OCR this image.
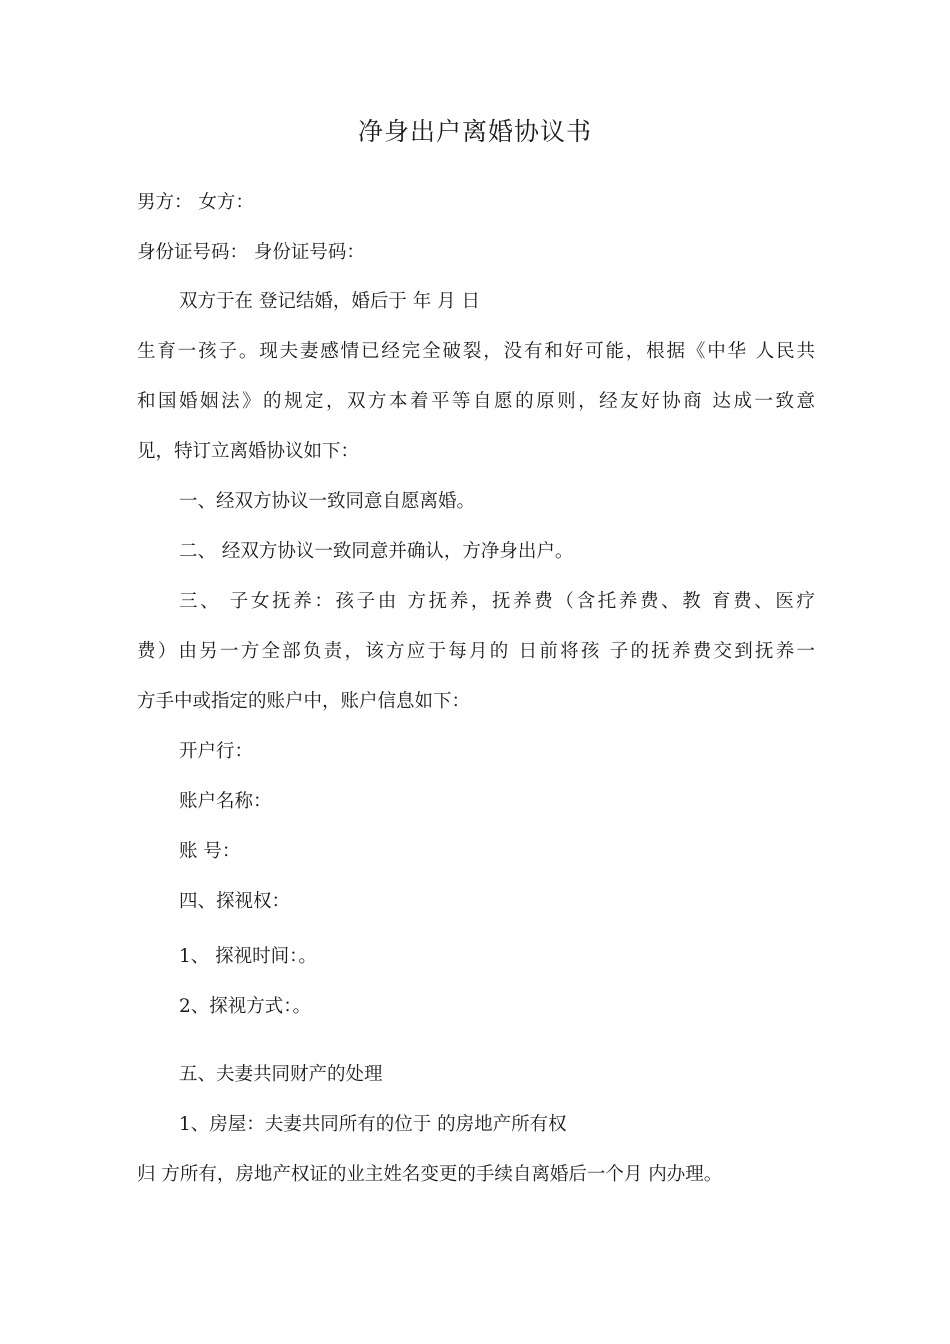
净身出户离婚协议书
男方： 女方：
身份证号码： 身份证号码：
双方于在 登记结婚，婚后于 年 月 日
生育一孩子。现夫妻感情已经完全破裂，没有和好可能，根据《中华 人民共
和国婚姻法》的规定，双方本着平等自愿的原则，经友好协商 达成一致意
见，特订立离婚协议如下：
一、经双方协议一致同意自愿离婚。
二、 经双方协议一致同意并确认，方净身出户。
三、 子女抚养：孩子由 方抚养，抚养费（含托养费、教 育费、医疗
费）由另一方全部负责，该方应于每月的 日前将孩 子的抚养费交到抚养一
方手中或指定的账户中，账户信息如下：
开户行：
账户名称：
账 号：
四、探视权：
1、 探视时间：。
2、探视方式：。
五、夫妻共同财产的处理
1、房屋：夫妻共同所有的位于 的房地产所有权
归 方所有，房地产权证的业主姓名变更的手续自离婚后一个月 内办理。
